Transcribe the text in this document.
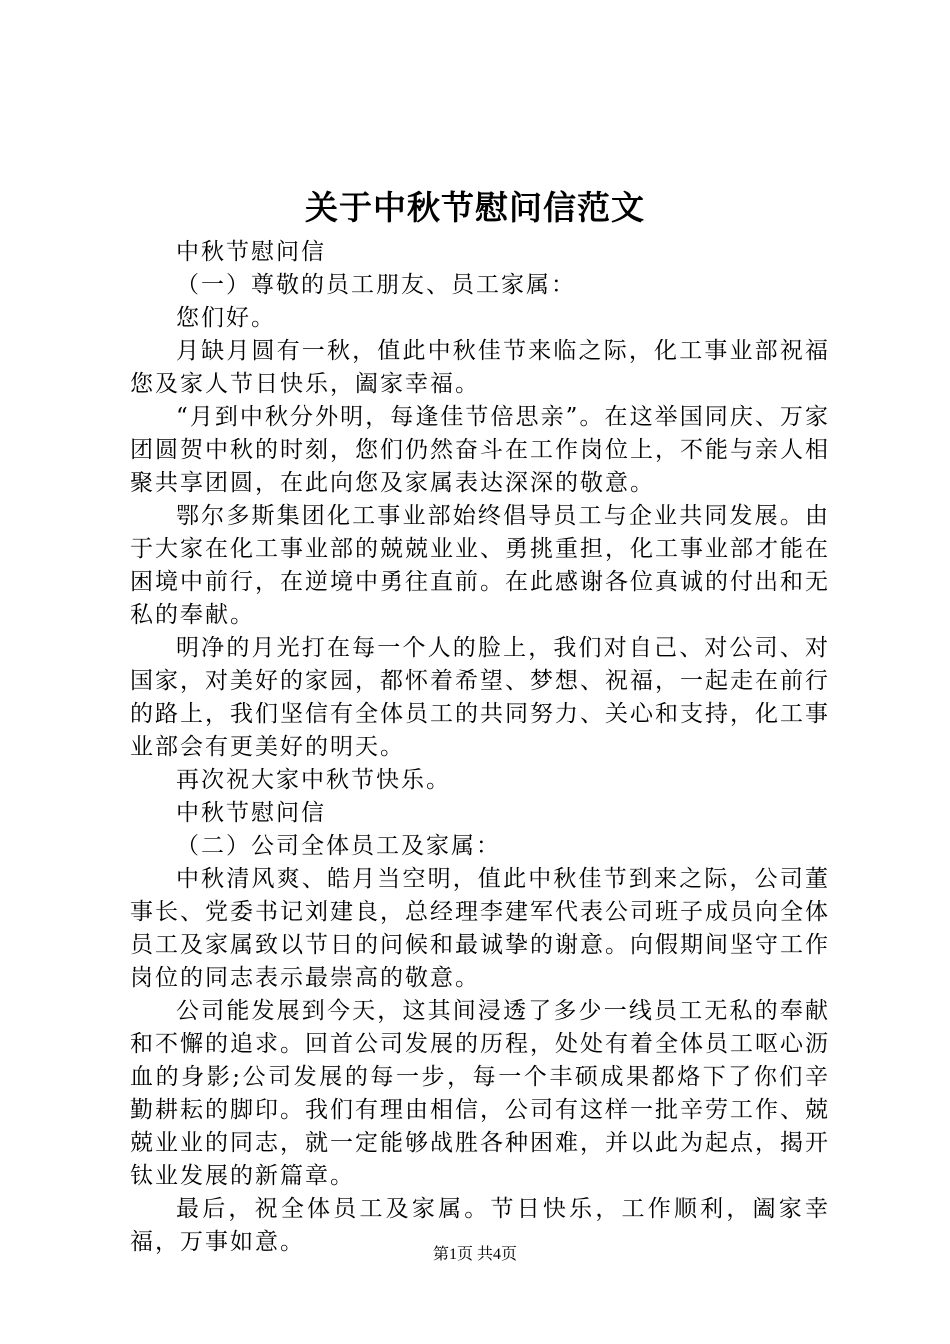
关于中秋节慰问信范文

中秋节慰问信

（一）尊敬的员工朋友、员工家属：

您们好。

月缺月圆有一秋，值此中秋佳节来临之际，化工事业部祝福您及家人节日快乐，阖家幸福。

“月到中秋分外明，每逢佳节倍思亲”。在这举国同庆、万家团圆贺中秋的时刻，您们仍然奋斗在工作岗位上，不能与亲人相聚共享团圆，在此向您及家属表达深深的敬意。

鄂尔多斯集团化工事业部始终倡导员工与企业共同发展。由于大家在化工事业部的兢兢业业、勇挑重担，化工事业部才能在困境中前行，在逆境中勇往直前。在此感谢各位真诚的付出和无私的奉献。

明净的月光打在每一个人的脸上，我们对自己、对公司、对国家，对美好的家园，都怀着希望、梦想、祝福，一起走在前行的路上，我们坚信有全体员工的共同努力、关心和支持，化工事业部会有更美好的明天。

再次祝大家中秋节快乐。

中秋节慰问信

（二）公司全体员工及家属：

中秋清风爽、皓月当空明，值此中秋佳节到来之际，公司董事长、党委书记刘建良，总经理李建军代表公司班子成员向全体员工及家属致以节日的问候和最诚挚的谢意。向假期间坚守工作岗位的同志表示最崇高的敬意。

公司能发展到今天，这其间浸透了多少一线员工无私的奉献和不懈的追求。回首公司发展的历程，处处有着全体员工呕心沥血的身影;公司发展的每一步，每一个丰硕成果都烙下了你们辛勤耕耘的脚印。我们有理由相信，公司有这样一批辛劳工作、兢兢业业的同志，就一定能够战胜各种困难，并以此为起点，揭开钛业发展的新篇章。

最后，祝全体员工及家属。节日快乐，工作顺利，阖家幸福，万事如意。	第1页 共4页
